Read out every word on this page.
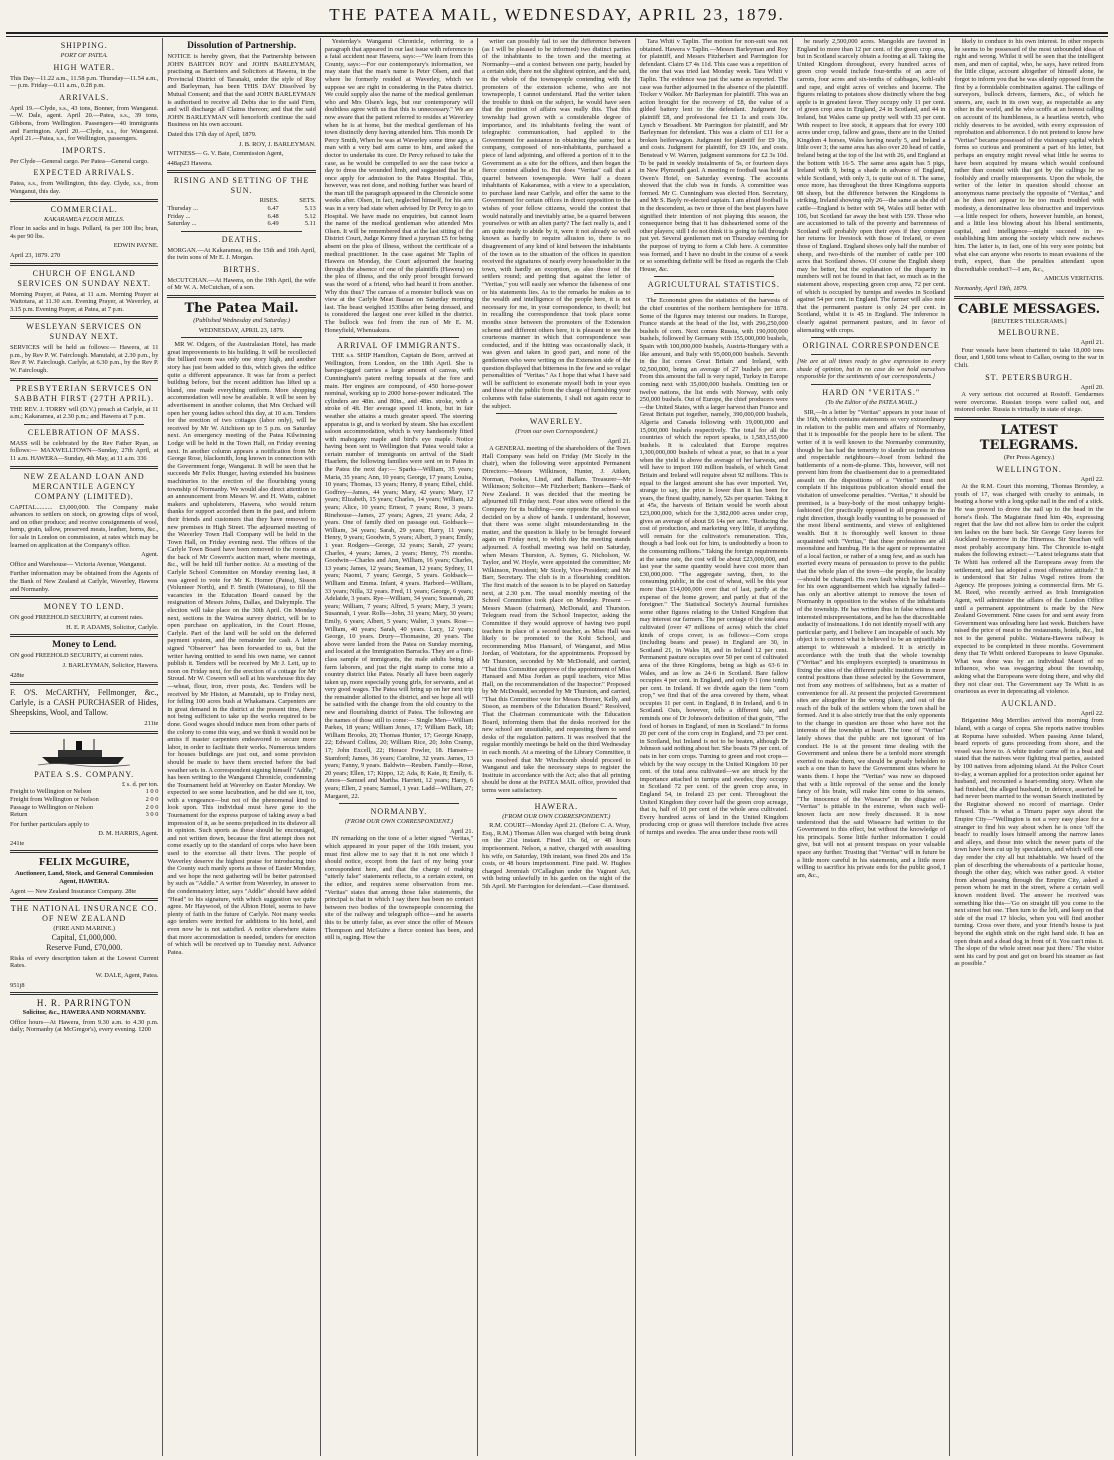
THE PATEA MAIL, WEDNESDAY, APRIL 23, 1879.
SHIPPING.
PORT OF PATEA.
HIGH WATER.
This Day—11.22 a.m., 11.58 p.m. Thursday—11.54 a.m., — p.m. Friday—0.11 a.m., 0.28 p.m.
ARRIVALS.
April 19.—Clyde, s.s., 43 tons, Bonner, from Wanganui.—W. Dale, agent. April 20.—Patea, s.s., 39 tons, Gibbons, from Wellington. Passengers—40 immigrants and Farrington. April 20.—Clyde, s.s., for Wanganui. April 21.—Patea, s.s., for Wellington, passengers.
IMPORTS.
Per Clyde—General cargo. Per Patea—General cargo.
EXPECTED ARRIVALS.
Patea, s.s., from Wellington, this day. Clyde, s.s., from Wanganui, this day.
COMMERCIAL.
KAKARAMEA FLOUR MILLS.
Flour in sacks and in bags. Pollard, 6s per 100 lbs; bran, 4s per 90 lbs.
EDWIN PAYNE.
April 23, 1879. 270
CHURCH OF ENGLAND SERVICES ON SUNDAY NEXT.
Morning Prayer, at Patea, at 11 a.m. Morning Prayer at Waitotara, at 11.30 a.m. Evening Prayer, at Waverley, at 3.15 p.m. Evening Prayer, at Patea, at 7 p.m.
WESLEYAN SERVICES ON SUNDAY NEXT.
SERVICES will be held as follows:— Hawera, at 11 p.m., by Rev P. W. Fairclough. Manutahi, at 2.30 p.m., by Rev P. W. Fairclough. Carlyle, at 6.30 p.m., by the Rev P. W. Fairclough.
PRESBYTERIAN SERVICES ON SABBATH FIRST (27TH APRIL).
THE REV. J. TORRY will (D.V.) preach at Carlyle, at 11 a.m.; Kakaramea, at 2.30 p.m.; and Hawera at 7 p.m.
CELEBRATION OF MASS.
MASS will be celebrated by the Rev Father Ryan, as follows:— MAXWELLTOWN—Sunday, 27th April, at 11 a.m. HAWERA—Sunday, 4th May, at 11 a.m. 336
NEW ZEALAND LOAN AND MERCANTILE AGENCY COMPANY (LIMITED).
CAPITAL.......... £3,000,000. The Company make advances to settlers on stock, on growing clips of wool, and on other produce; and receive consignments of wool, hemp, grain, tallow, preserved meats, leather, horns, &c., for sale in London on commission, at rates which may be learned on application at the Company's office.
Agent.
Office and Warehouse— Victoria Avenue, Wanganui.
Further information may be obtained from the Agents of the Bank of New Zealand at Carlyle, Waverley, Hawera and Normanby.
MONEY TO LEND.
ON good FREEHOLD SECURITY, at current rates.
H. E. P. ADAMS, Solicitor, Carlyle.
Money to Lend.
ON good FREEHOLD SECURITY, at current rates.
J. BARLEYMAN, Solicitor, Hawera.
428te
F. O'S. McCARTHY, Fellmonger, &c., Carlyle, is a CASH PURCHASER of Hides, Sheepskins, Wool, and Tallow.
211te
PATEA S.S. COMPANY.
	£ s. d. per ton.
Freight to Wellington or Nelson	1 0 0
Freight from Wellington or Nelson	2 0 0
Passage to Wellington or Nelson	2 0 0
Return	3 0 0
For further particulars apply to
D. M. HARRIS, Agent.
241te
FELIX McGUIRE,
Auctioneer, Land, Stock, and General Commission Agent, HAWERA.
Agent — New Zealand Insurance Company. 28te
THE NATIONAL INSURANCE CO. OF NEW ZEALAND
(FIRE AND MARINE.)
Capital, £1,000,000.
Reserve Fund, £70,000.
Risks of every description taken at the Lowest Current Rates.
W. DALE, Agent, Patea.
951j8
H. R. PARRINGTON
Solicitor, &c., HAWERA AND NORMANBY.
Office hours—At Hawera, from 9.30 a.m. to 4.30 p.m. daily; Normanby (at McGregor's), every evening. 1200
Dissolution of Partnership.
NOTICE is hereby given, that the Partnership between JOHN BARTON ROY and JOHN BARLEYMAN, practising as Barristers and Solicitors at Hawera, in the Provincial District of Taranaki, under the style of Roy and Barleyman, has been THIS DAY Dissolved by Mutual Consent; and that the said JOHN BARLEYMAN is authorised to receive all Debts due to the said Firm, and will discharge all Claims thereon; and that the said JOHN BARLEYMAN will henceforth continue the said Business on his own account.
Dated this 17th day of April, 1879.
J. B. ROY, J. BARLEYMAN.
WITNESS— G. V. Bate, Commission Agent,
448ap23 Hawera.
RISING AND SETTING OF THE SUN.
	RISES.	SETS.
Thursday ...	6.47	5.13
Friday ...	6.48	5.12
Saturday ...	6.49	5.11
DEATHS.
MORGAN.—At Kakaramea, on the 15th and 16th April, the twin sons of Mr E. J. Morgan.
BIRTHS.
McCUTCHAN.—At Hawera, on the 19th April, the wife of Mr W. A. McCutchan, of a son.
The Patea Mail.
(Published Wednesday and Saturday.)
WEDNESDAY, APRIL 23, 1879.
MR W. Odgers, of the Australasian Hotel, has made great improvements to his building. It will be recollected the billiard room was only one story high, and another story has just been added to this, which gives the edifice quite a different appearance. It was far from a perfect building before, but the recent addition has lifted up a bland, one made everything uniform. More shopping accommodation will now be available. It will be seen by advertisement in another column, that Mrs Orchard will open her young ladies school this day, at 10 a.m. Tenders for the erection of two cottages (labor only), will be received by Mr W. Aitchison up to 5 p.m. on Saturday next. An emergency meeting of the Patea Kilwinning Lodge will be held in the Town Hall, on Friday evening next. In another column appears a notification from Mr George Rose, blacksmith, long known in connection with the Government forge, Wanganui. It will be seen that he succeeds Mr Felix Hunger, having extended his business machineries to the erection of the flourishing young township of Normanby. We would also direct attention to an announcement from Messrs W. and H. Watts, cabinet makers and upholsterers, Hawera, who would return thanks for support accorded them in the past, and inform their friends and customers that they have removed to new premises in High Street. The adjourned meeting of the Waverley Town Hall Company will be held in the Town Hall, on Friday evening next. The offices of the Carlyle Town Board have been removed to the rooms at the back of Mr Cowern's auction mart, where meetings, &c., will be held till further notice. At a meeting of the Carlyle School Committee on Monday evening last, it was agreed to vote for Mr K. Horner (Patea), Sisson (Volunteer North), and F. Smith (Waitotara), to fill the vacancies in the Education Board caused by the resignation of Messrs Johns, Dallas, and Dalrymple. The election will take place on the 30th April. On Monday next, sections in the Wairoa survey district, will be to open purchase on application, in the Court House, Carlyle. Part of the land will be sold on the deferred payment system, and the remainder for cash. A letter signed "Observer" has been forwarded to us, but the writer having omitted to send his own name, we cannot publish it. Tenders will be received by Mr J. Lett, up to noon on Friday next, for the erection of a cottage for Mr Stroud. Mr W. Cowern will sell at his warehouse this day—wheat, flour, iron, river posts, &c. Tenders will be received by Mr Histon, at Manutahi, up to Friday next, for felling 100 acres bush at Whakamara. Carpenters are in great demand in the district at the present time, there not being sufficient to take up the works required to be done. Good wages should induce men from other parts of the colony to come this way, and we think it would not be amiss if master carpenters endeavored to secure more labor, in order to facilitate their works. Numerous tenders for houses buildings are just out, and some provision should be made to have them erected before the bad weather sets in. A correspondent signing himself "Addle," has been writing to the Wanganui Chronicle, condemning the Tournament held at Waverley on Easter Monday. We expected to see some lucubration, and he did see it, too, with a vengeance—but not of the phenomenal kind to look upon. This individual must have gone to the Tournament for the express purpose of taking away a bad impression of it, as he seems prejudiced in its disfavor all in opinion. Such sports as these should be encouraged, and not written down, because the first attempt does not come exactly up to the standard of corps who have been used to the exercise all their lives. The people of Waverley deserve the highest praise for introducing into the County such manly sports as those of Easter Monday, and we hope the next gathering will be better patronised by such as "Addle." A writer from Waverley, in answer to the condemnatory letter, says "Addle" should have added "Head" to his signature, with which suggestion we quite agree. Mr Haywood, of the Albion Hotel, seems to have plenty of faith in the future of Carlyle. Not many weeks ago tenders were invited for additions to his hotel, and even now he is not satisfied. A notice elsewhere states that more accommodation is needed, tenders for erection of which will be received up to Tuesday next. Advance Patea.
Yesterday's Wanganui Chronicle, referring to a paragraph that appeared in our last issue with reference to a fatal accident near Hawera, says:—"We learn from this County, says:—For our contemporary's information, we may state that the man's name is Peter Olsen, and that where he formerly resided at Waverley, which we suppose we are right in considering in the Patea district. We could supply also the name of the medical gentleman who and Mrs Olsen's legs, but our contemporary will doubtless agree with us that this is unnecessary." We are now aware that the patient referred to resides at Waverley when he is at home, but the medical gentleman of his town distinctly deny having attended him. This month Dr Percy Smith, When he was at Waverley some time ago, a man with a very bad arm came to him, and asked the doctor to undertake its cure. Dr Percy refused to take the case, as he would be compelled to see the case twice a day to dress the wounded limb, and suggested that he at once apply for admission to the Patea Hospital. This, however, was not done, and nothing further was heard of the man till the paragraph appeared in the Chronicle some weeks after. Olsen, in fact, neglected himself, for his arm was in a very bad state when advised by Dr Percy to go to Hospital. We have made no enquiries, but cannot learn the name of the medical gentleman who attended Mrs Olsen. It will be remembered that at the last sitting of the District Court, Judge Kenny fined a juryman £5 for being absent on the plea of illness, without the certificate of a medical practitioner. In the case against Mr Taplin of Hawera on Monday, the Court adjourned the hearing through the absence of one of the plaintiffs (Hawera) on the plea of illness, and the only proof brought forward was the word of a friend, who had heard it from another. Why this thus? The carcass of a monster bullock was on view at the Carlyle Meat Bazaar on Saturday morning last. The beast weighed 1530lbs after being dressed, and is considered the largest one ever killed in the district. The bullock was fed from the run of Mr E. M. Honeyfield, Whenuakura.
ARRIVAL OF IMMIGRANTS.
THE s.s. SHIP Hamilton, Captain de Bore, arrived at Wellington, from London, on the 18th April. She is barque-rigged carries a large amount of canvas, with Cunningham's patent reefing topsails at the fore and main. Her engines are compound, of 450 horse-power nominal, working up to 2000 horse-power indicated. The cylinders are 48in. and 80in., and 48in. stroke, with a stroke of 4ft. Her average speed 11 knots, but in fair weather she attains a much greater speed. The steering apparatus is gt, and is worked by steam. She has excellent saloon accommodation, which is very handsomely fitted with mahogany maple and bird's eye maple. Notice having been sent to Wellington that Patea would take a certain number of immigrants on arrival of the Stadt Haarlem, the following families were sent on to Patea in the Patea the next day:— Sparks—William, 35 years; Maria, 35 years; Ann, 10 years; George, 17 years; Louisa, 10 years; Thomas, 13 years; Henry, 8 years; Ethel, child. Godfrey—James, 44 years; Mary, 42 years; Mary, 17 years; Elizabeth, 15 years; Charles, 14 years; William, 12 years; Alice, 10 years; Ernest, 7 years; Rose, 3 years. Rinehouse—James, 27 years; Agnes, 21 years; Ada, 2 years. One of family died on passage out. Goldsack—William, 34 years; Sarah, 29 years; Harry, 11 years; Henry, 9 years; Goodwin, 5 years; Albert, 3 years; Emily, 1 year. Rodgers—George, 32 years; Sarah, 27 years; Charles, 4 years; James, 2 years; Henry, 7½ months. Goodwin—Charles and Ann, William, 16 years; Charles, 13 years; James, 12 years; Seaman, 12 years; Sydney, 11 years; Naomi, 7 years; George, 5 years. Goldsack—William and Emma. Infant, 4 years. Harbord—William, 33 years; Nilla, 32 years. Fred, 11 years; George, 6 years; Adelaide, 3 years. Rye—William, 34 years; Susannah, 28 years; William, 7 years; Alfred, 5 years; Mary, 3 years; Susannah, 1 year. Rolls—John, 31 years; Mary, 30 years; Emily, 6 years; Albert, 5 years; Walter, 3 years. Rose—William, 40 years; Sarah, 40 years. Lucy, 12 years; George, 10 years. Drury—Thomasine, 20 years. The above were landed from the Patea on Sunday morning, and located at the Immigration Barracks. They are a first-class sample of immigrants, the male adults being all farm laborers, and just the right stamp to come into a country district like Patea. Nearly all have been eagerly taken up, more especially young girls, for servants, and at very good wages. The Patea will bring up on her next trip the remainder allotted to the district, and we hope all will be satisfied with the change from the old country to the new and flourishing district of Patea. The following are the names of those still to come:— Single Men—William Parkes, 18 years; William Jones, 17; William Back, 18; William Brooks, 20; Thomas Hunter, 17; George Knapp, 22; Edward Collins, 20; William Rice, 20; John Cramp, 17; John Excell, 22; Horace Fowler, 18. Hansen—Stamford; James, 36 years; Caroline, 32 years. James, 13 years; Fanny, 9 years. Baldwin—Reuben. Family—Rose, 20 years; Ellen, 17; Kippo, 12; Ada, 8; Kate, 8; Emily, 6. Amos—Samuel and Martha. Harriett, 12 years; Harry, 6 years; Ellen, 2 years; Samuel, 1 year. Ladd—William, 27; Margaret, 22.
NORMANBY.
(FROM OUR OWN CORRESPONDENT.)
April 21.
IN remarking on the tone of a letter signed "Veritas," which appeared in your paper of the 16th instant, you must first allow me to say that it is not one which I should notice, except from the fact of my being your correspondent here, and that the charge of making "utterly false" statements reflects, to a certain extent, on the editor, and requires some observation from me. "Veritas" states that among those false statements, the principal is that in which I say there has been no contact between two bodies of the townspeople concerning the site of the railway and telegraph office—and he asserts this to be utterly false, as ever since the offer of Messrs Thompson and McGuire a fierce contest has been, and still is, raging. How the
writer can possibly fail to see the difference between (as I will be pleased to be informed) two distinct parties of the inhabitants to the town and the meeting at Normanby—and a contest between one party, headed by a certain side, there not the slightest opinion, and the said, in the whole of the townspeople contending with the promoters of the extension scheme, who are not townspeople, I cannot understand. Had the writer taken the trouble to think on the subject, he would have seen that the position of affairs was really this. That this township had grown with a considerable degree of importance, and its inhabitants feeling the want of telegraphic communication, had applied to the Government for assistance in obtaining the same; but a company, composed of non-inhabitants, purchased a piece of land adjoining, and offered a portion of it to the Government as a site for the offices, and then began the fierce contest alluded to. But does "Veritas" call that a quarrel between townspeople. Were half a dozen inhabitants of Kakaramea, with a view to a speculation, to purchase land near Carlyle, and offer the same to the Government for certain offices in direct opposition to the wishes of your fellow citizens, would the contest that would naturally and inevitably arise, be a quarrel between yourselves or with an alien party? The fact really is, and I am quite ready to abide by it, were it not already so well known as hardly to require allusion to, there is no disagreement of any kind of kind between the inhabitants of the town as to the situation of the offices in question received the signatures of nearly every householder in the town, with hardly an exception, as also those of the settlers round; and petting that against the letter of "Veritas," you will easily see whence the falseness of one or his statements lies. As to the remarks he makes as to the wealth and intelligence of the people here, it is not necessary for me, in your correspondence, to dwell; but in recalling the correspondence that took place some months since between the promoters of the Extension scheme and different others here, it is pleasant to see the courteous manner in which that correspondence was conducted, and if the hitting was occasionally slack, it was given and taken in good part, and none of the gentlemen who were writing on the Extension side of the question displayed that bitterness in the few and so vulgar personalities of "Veritas." As I hope that what I have said will be sufficient to exonerate myself both in your eyes and those of the public from the charge of furnishing your columns with false statements, I shall not again recur to the subject.
WAVERLEY.
(From our own Correspondent.)
April 21.
A GENERAL meeting of the shareholders of the Town Hall Company was held on Friday (Mr Sicely in the chair), when the following were appointed Permanent Directors:—Messrs Wilkinson, Hunter, J. Aitken, Norman, Fookes, Lind, and Ballam. Treasurer—Mr Wilkinson; Solicitor—Mr Fitzherbert; Bankers—Bank of New Zealand. It was decided that the meeting be adjourned till Friday next. Four sites were offered to the Company for its building—one opposite the school was decided on by a show of hands. I understand, however, that there was some slight misunderstanding in the matter, and the question is likely to be brought forward again on Friday next, to which day the meeting stands adjourned. A football meeting was held on Saturday, when Messrs Thurston, A. Symes, G. Nicholson, W. Taylor, and W. Hoyle, were appointed the committee; Mr Wilkinson, President; Mr Sicely, Vice-President; and Mr Barr, Secretary. The club is in a flourishing condition. The first match of the season is to be played on Saturday next, at 2.30 p.m. The usual monthly meeting of the School Committee took place on Monday. Present — Messrs Mason (chairman), McDonald, and Thurston. Telegram read from the School Inspector, asking the Committee if they would approve of having two pupil teachers in place of a second teacher, as Miss Hall was likely to be promoted to the Kohi School, and recommending Miss Hansard, of Wanganui, and Miss Jordan, of Waitotara, for the appointments. Proposed by Mr Thurston, seconded by Mr McDonald, and carried, "That this Committee approve of the appointment of Miss Hansard and Miss Jordan as pupil teachers, vice Miss Hall, on the recommendation of the Inspector." Proposed by Mr McDonald, seconded by Mr Thurston, and carried, "That this Committee vote for Messrs Horner, Kelly, and Sisson, as members of the Education Board." Resolved, That the Chairman communicate with the Education Board, informing them that the desks received for the new school are unsuitable, and requesting them to send desks of the regulation pattern. It was resolved that the regular monthly meetings be held on the third Wednesday in each month. At a meeting of the Library Committee, it was resolved that Mr Winchcomb should proceed to Wanganui and take the necessary steps to register the Institute in accordance with the Act; also that all printing should be done at the PATEA MAIL office, provided that terms were satisfactory.
HAWERA.
(FROM OUR OWN CORRESPONDENT.)
R.M. COURT—Monday April 21. (Before C. A. Wray, Esq., R.M.) Thomas Allen was charged with being drunk on the 21st instant. Fined 13s 6d, or 48 hours imprisonment. Nelson, a native, charged with assaulting his wife, on Saturday, 19th instant, was fined 20s and 15s costs, or 48 hours imprisonment. Fine paid. W. Hughes charged Jeremiah O'Callaghan under the Vagrant Act, with being unlawfully in his garden on the night of the 5th April. Mr Farrington for defendant.—Case dismissed.
Tara Whiti v Taplin. The motion for non-suit was not obtained. Hawera v Taplin.—Messrs Barleyman and Roy for plaintiff, and Messrs Fitzherbert and Parrington for defendant. Claim £7 4s 11d. This case was a repetition of the one that was tried last Monday week. Tara Whiti v Taplin. The evidence was just the same as reported. The case was further adjourned in the absence of the plaintiff. Tocker v Walker. Mr Barleyman for plaintiff. This was an action brought for the recovery of £8, the value of a gilded battery lent to the defendant. Judgment for plaintiff £8, and professional fee £1 1s and costs 10s. Lynch v Broadbent. Mr Parrington for plaintiff, and Mr Barleyman for defendant. This was a claim of £11 for a broken heiferwagon. Judgment for plaintiff for £9 10s, and costs. Judgment for plaintiff, for £9 10s, and costs. Benstead v W. Warren, judgment summons for £2 3s 10d. To be paid in weekly instalments of 5s, or fourteen days in New Plymouth gaol. A meeting re football was held at Owen's Hotel, on Saturday evening. The accounts showed that the club was in funds. A committee was formed. Mr C. Cunningham was elected Hon. Secretary, and Mr S. Bayly re-elected captain. I am afraid football is in the descendent, as two or three of the best players have signified their intention of not playing this season, the consequence being that it has disheartened some of the other players; still I do not think it is going to fall through just yet. Several gentlemen met on Thursday evening for the purpose of trying to form a Club here. A committee was formed, and I have no doubt in the course of a week or so something definite will be fixed as regards the Club House, &c.
AGRICULTURAL STATISTICS.
The Economist gives the statistics of the harvests of the chief countries of the northern hemisphere for 1878. Some of the figures may interest our readers. In Europe, France stands at the head of the list, with 296,250,000 bushels of corn. Next comes Russia, with 190,000,000 bushels, followed by Germany with 155,000,000 bushels, Spain with 100,000,000 bushels, Austria-Hungary with a like amount, and Italy with 95,000,000 bushels. Seventh in the list comes Great Britain and Ireland, with 92,500,000, being an average of 27 bushels per acre. From this amount the fall is very rapid, Turkey in Europe coming next with 35,000,000 bushels. Omitting ten or twelve nations, the list ends with Norway, with only 250,000 bushels. Out of Europe, the chief producers were—the United States, with a larger harvest than France and Great Britain put together, namely, 390,000,000 bushels, Algeria and Canada following with 19,000,000 and 15,000,000 bushels respectively. The total for all the countries of which the report speaks, is 1,583,155,000 bushels. It is calculated that Europe requires 1,300,000,000 bushels of wheat a year, so that in a year when the yield is above the average of her harvests, and will have to import 160 million bushels, of which Great Britain and Ireland will require about 92 millions. This is equal to the largest amount she has ever imported. Yet, strange to say, the price is lower than it has been for years, the finest quality, namely, 52s per quarter. Taking it at 45s, the harvests of Britain would be worth about £23,000,000, which for the 3,382,000 acres under crop, gives an average of about £6 14s per acre. "Reducing the cost of production, and marketing very little, if anything, will remain for the cultivator's remuneration. This, though a bad look out for him, is undoubtedly a boon to the consuming millions." Taking the foreign requirements at the same rate, the cost will be about £23,000,000, and last year the same quantity would have cost more than £30,000,000. "The aggregate saving, then, to the consuming public, in the cost of wheat, will be this year more than £14,000,000 over that of last, partly at the expense of the home grower, and partly at that of the foreigner." The Statistical Society's Journal furnishes some other figures relating to the United Kingdom that may interest our farmers. The per centage of the total area cultivated (over 47 millions of acres) which the chief kinds of crops cover, is as follows:—Corn crops (including beans and pease) in England are 30, in Scotland 21, in Wales 18, and in Ireland 12 per cent. Permanent pasture occupies over 50 per cent of cultivated area of the three Kingdoms, being as high as 63·6 in Wales, and as low as 24·6 in Scotland. Bare fallow occupies 4 per cent. in England, and only 0·1 (one tenth) per cent. in Ireland. If we divide again the item "corn crop," we find that of the area covered by them, wheat occupies 11 per cent. in England, 8 in Ireland, and 6 in Scotland. Oats, however, tells a different tale, and reminds one of Dr Johnson's definition of that grain, "The food of horses in England, of men in Scotland." In forms 20 per cent of the corn crop in England, and 73 per cent. in Scotland, but Ireland is not to be beaten, although Dr Johnson said nothing about her. She boasts 79 per cent. of oats in her corn crops. Turning to green and root crops—which by the way occupy in the United Kingdom 10 per cent. of the total area cultivated—we are struck by the importance attached to turnips and swedes; they occupy in Scotland 72 per cent. of the green crop area, in England 54, in Ireland 23 per cent. Throughout the United Kingdom they cover half the green crop acreage, that is, half of 10 per cent of the whole area cultivated. Every hundred acres of land in the United Kingdom producing crop or grass will therefore include five acres of turnips and swedes. The area under these roots will
be nearly 2,500,000 acres. Mangolds are favored in England to more than 12 per cent. of the green crop area, but in Scotland scarcely obtain a footing at all. Taking the United Kingdom throughout, every hundred acres of green crop would include four-tenths of an acre of carrots, four acres and six-tenths of cabbages, kohl-rabi and rape, and eight acres of vetches and lucerne. The figures relating to potatoes show distinctly where the bog apple is in greatest favor. They occupy only 11 per cent. of green crop area in England, 24 in Scotland, and 44 in Ireland, but Wales came up pretty well with 33 per cent. With respect to live stock, it appears that for every 100 acres under crop, fallow and grass, there are in the United Kingdom 4 horses, Wales having nearly 5, and Ireland a little over 3; the same area has also over 20 head of cattle, Ireland being at the top of the list with 26, and England at the bottom with 16·5. The same area again has 5 pigs, Ireland with 9, being a shade in advance of England, while Scotland, with only 3, is quite out of it. The same, once more, has throughout the three Kingdoms supports 98 sheep, but the difference between the Kingdoms is striking, Ireland showing only 26—the same as she did of cattle—England is better with 94, Wales still better with 106, but Scotland far away the best with 159. Those who are accustomed to talk of the poverty and barrenness of Scotland will probably open their eyes if they compare her returns for livestock with those of Ireland, or even those of England. England shows only half the number of sheep, and two-thirds of the number of cattle per 100 acres that Scotland shows. Of course the English sheep may be better, but the explanation of the disparity in numbers will not be found in that fact, so much as in the statement above, respecting green crop area, 72 per cent. of which is occupied by turnips and swedes in Scotland against 54 per cent. in England. The farmer will also note that the permanent pasture is only 24 per cent. in Scotland, whilst it is 45 in England. The inference is clearly against permanent pasture, and in favor of alternating with crops.
ORIGINAL CORRESPONDENCE
[We are at all times ready to give expression to every shade of opinion, but in no case do we hold ourselves responsible for the sentiments of our correspondents.]
HARD ON "VERITAS."
(To the Editor of the PATEA MAIL.)
SIR,—In a letter by "Veritas" appears in your issue of the 16th, which contains statements so very extraordinary in relation to the public men and affairs of Normanby, that it is impossible for the people here to be silent. The writer of it is well known to the Normanby community, though he has had the temerity to slander us industrious and respectable neighbours—Josef from behind the battlements of a nom-de-plume. This, however, will not prevent him from the chastisement due to a premeditated assault on the dispositions of a "Veritas" must not complain if his iniquitous publication should entail the visitation of unwelcome penalties. "Veritas," it should be premised, is a busy-body of the most unhappy bright-fashioned (for practically opposed to all progress in the right direction, though loudly vaunting to be possessed of the most liberal sentiments, and views of enlightened wealth. But it is thoroughly well known to those acquainted with "Veritas," that these professions are all moonshine and humbug. He is the agent or representative of a local faction, or rather of a snug few, and as such has exerted every means of persuasion to prove to the public that the whole plan of the town—the people, the locality—should be changed. His own fault which he had made for his own aggrandisement which has signally failed—has only an abortive attempt to remove the town of Normanby in opposition to the wishes of the inhabitants of the township. He has written thus in false witness and interested misrepresentations, and he has the discreditable audacity of insinuations. I do not identify myself with any particular party, and I believe I am incapable of such. My object is to correct what is believed to be an unjustifiable attempt to whitewash a misdeed. It is strictly in accordance with the truth that the whole township ("Veritas" and his employers excepted) is unanimous in fixing the sites of the different public institutions in more central positions than those selected by the Government, not from any motives of selfishness, but as a matter of convenience for all. At present the projected Government sites are altogether in the wrong place, and out of the reach of the bulk of the settlers whom the town shall be formed. And it is also strictly true that the only opponents to the change in question are those who have not the interests of the township at heart. The tone of "Veritas" lately shows that the public are not ignorant of his conduct. He is at the present time dealing with the Government and unless there be a tenfold more strength exerted to make them, we should be greatly beholden to such a one than to have the Government sites where he wants them. I hope the "Veritas" was now so disposed that with a little reproval of the sense and the lonely fancy of his brain, will make him come to his senses. "The innocence of the Wiseacre" in the disguise of "Veritas" is pitiable in the extreme, when such well-known facts are now freely discussed. It is now understood that the said Wiseacre had written to the Government to this effect, but without the knowledge of his principals. Some little further information I could give, but will not at present trespass on your valuable space any further. Trusting that "Veritas" will in future be a little more careful in his statements, and a little more willing to sacrifice his private ends for the public good, I am, &c.,
likely to conduce to his own interest. In other respects he seems to be possessed of the most unbounded ideas of right and wrong. Whilst it will be seen that the intelligent men, and men of capital, who, he says, have retired from the little clique, account altogether of himself alone, he forgot to inform you that he was silently opposed from the first by a formidable combination against. The callings of surveyors, bullock drivers, farmers, &c., of which he sneers, are, each in its own way, as respectable as any other in the world, and he who scoffs at an honest calling on account of its humbleness, is a heartless wretch, who richly deserves to be avoided, with every expression of reprobation and abhorrence. I do not pretend to know how "Veritas" became possessed of the visionary capital which forms so curious and prominent a part of his letter, but perhaps an enquiry might reveal what little he seems to have been acquired by means which would confound rather than consist with that got by the callings he so foolishly and cruelly misrepresents. Upon the whole, the writer of the letter in question should choose an anonymous name precisely the opposite of "Veritas," and as he does not appear to be too much troubled with modesty, a denominative less obstructive and impervious—a little respect for others, however humble, an honest, and a little less blowing about his liberal sentiments, capital, and intelligence—might succeed in re-establishing him among the society which now eschews him. The latter is, in fact, one of his very sore points; but what else can anyone who resorts to mean evasions of the truth, expect, than the penalties attendant upon discreditable conduct?—I am, &c.,
AMICUS VERITATIS.
Normanby, April 19th, 1879.
CABLE MESSAGES.
[REUTER'S TELEGRAMS.]
MELBOURNE.
April 21.
Four vessels have been chartered to take 18,000 tons flour, and 1,600 tons wheat to Callao, owing to the war in Chili.
ST. PETERSBURGH.
April 20.
A very serious riot occurred at Rostoff. Gendarmes were overcome. Russian troops were called out, and restored order. Russia is virtually in state of siege.
LATEST TELEGRAMS.
(Per Press Agency.)
WELLINGTON.
April 22.
At the R.M. Court this morning, Thomas Bromley, a youth of 17, was charged with cruelty to animals, in beating a horse with a long spike nail in the end of a stick. He was proved to drove the nail up to the head in the horse's flesh. The Magistrate fined him 40s, expressing regret that the law did not allow him to order the culprit ten lashes on the bare back. Sir George Grey leaves for Auckland to-morrow in the Hinemoa. Sir Strachan will most probably accompany him. The Chronicle to-night makes the following extract:—"Latest telegrams state that Te Whiti has ordered all the Europeans away from the settlement, and has adopted a most offensive attitude." It is understood that Sir Julius Vogel retires from the Agency. He proposes joining a commercial firm. Mr G. M. Reed, who recently arrived as Irish Immigration Agent, will administer the affairs of the London Office until a permanent appointment is made by the New Zealand Government. Nine cases for and sent away from Government was unloading here last week. Butchers have raised the price of meat to the restaurants, hotels, &c., but not to the general public. Waitara-Hawera railway is expected to be completed in three months. Government deny that Te Whiti ordered Europeans to leave Opunake. What was done was by an individual Maori of no influence, who was swaggering about the township, asking what the Europeans were doing there, and why did they not clear out. The Government say Te Whiti is as courteous as ever in deprecating all violence.
AUCKLAND.
April 22.
Brigantine Meg Merrilies arrived this morning from Island, with a cargo of copra. She reports native troubles at Ropuma have subsided. When passing Anne Island, heard reports of guns proceeding from shore, and the vessel was hove to. A white trader came off in a boat and stated that the natives were fighting rival parties, assisted by 100 natives from adjoining island. At the Police Court to-day, a woman applied for a protection order against her husband, and recounted a heart-rending story. When she had finished, the alleged husband, in defence, asserted he had never been married to the woman Search instituted by the Registrar showed no record of marriage. Order refused. This is what a Timaru paper says about the Empire City—"Wellington is not a very easy place for a stranger to find his way about when he is once 'off the beach' to readily loses himself among the narrow lanes and alleys, and those into which the newer parts of the town have been cut up by speculators, and which will one day render the city all but inhabitable. We heard of the plan of describing the whereabouts of a particular house, though the other day, which was rather good. A visitor from abroad passing through the Empire City, asked a person whom he met in the street, where a certain well known resident lived. The answer he received was something like this—'Go on straight till you come to the next street but one. Then turn to the left, and keep on that side of the road 17 blocks, when you will find another turning. Cross over there, and your friend's house is just beyond the eighth stink on the right hand side. It has an open drain and a dead dog in front of it. You can't miss it. The slope of the whole street near just there.' The visitor sent his card by post and got on board his steamer as fast as possible."
